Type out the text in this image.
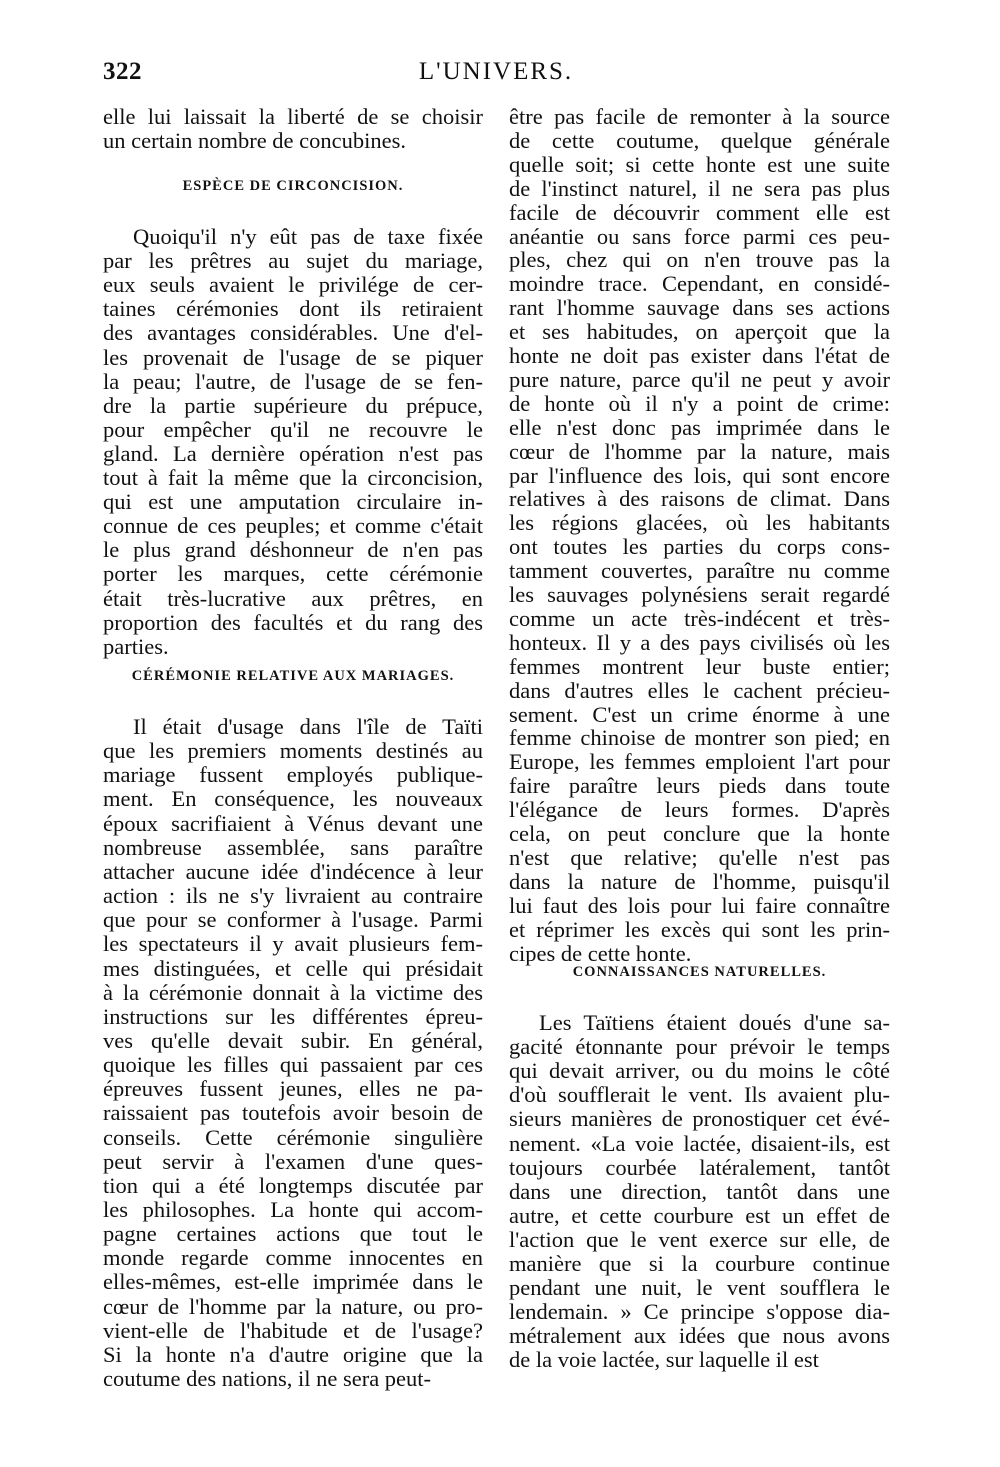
322	L'UNIVERS.
elle lui laissait la liberté de se choisir
un certain nombre de concubines.
ESPÈCE DE CIRCONCISION.
Quoiqu'il n'y eût pas de taxe fixée
par les prêtres au sujet du mariage,
eux seuls avaient le privilége de cer-
taines cérémonies dont ils retiraient
des avantages considérables. Une d'el-
les provenait de l'usage de se piquer
la peau; l'autre, de l'usage de se fen-
dre la partie supérieure du prépuce,
pour empêcher qu'il ne recouvre le
gland. La dernière opération n'est pas
tout à fait la même que la circoncision,
qui est une amputation circulaire in-
connue de ces peuples; et comme c'était
le plus grand déshonneur de n'en pas
porter les marques, cette cérémonie
était très-lucrative aux prêtres, en
proportion des facultés et du rang des
parties.
CÉRÉMONIE RELATIVE AUX MARIAGES.
Il était d'usage dans l'île de Taïti
que les premiers moments destinés au
mariage fussent employés publique-
ment. En conséquence, les nouveaux
époux sacrifiaient à Vénus devant une
nombreuse assemblée, sans paraître
attacher aucune idée d'indécence à leur
action : ils ne s'y livraient au contraire
que pour se conformer à l'usage. Parmi
les spectateurs il y avait plusieurs fem-
mes distinguées, et celle qui présidait
à la cérémonie donnait à la victime des
instructions sur les différentes épreu-
ves qu'elle devait subir. En général,
quoique les filles qui passaient par ces
épreuves fussent jeunes, elles ne pa-
raissaient pas toutefois avoir besoin de
conseils. Cette cérémonie singulière
peut servir à l'examen d'une ques-
tion qui a été longtemps discutée par
les philosophes. La honte qui accom-
pagne certaines actions que tout le
monde regarde comme innocentes en
elles-mêmes, est-elle imprimée dans le
cœur de l'homme par la nature, ou pro-
vient-elle de l'habitude et de l'usage?
Si la honte n'a d'autre origine que la
coutume des nations, il ne sera peut-
être pas facile de remonter à la source
de cette coutume, quelque générale
quelle soit; si cette honte est une suite
de l'instinct naturel, il ne sera pas plus
facile de découvrir comment elle est
anéantie ou sans force parmi ces peu-
ples, chez qui on n'en trouve pas la
moindre trace. Cependant, en considé-
rant l'homme sauvage dans ses actions
et ses habitudes, on aperçoit que la
honte ne doit pas exister dans l'état de
pure nature, parce qu'il ne peut y avoir
de honte où il n'y a point de crime:
elle n'est donc pas imprimée dans le
cœur de l'homme par la nature, mais
par l'influence des lois, qui sont encore
relatives à des raisons de climat. Dans
les régions glacées, où les habitants
ont toutes les parties du corps cons-
tamment couvertes, paraître nu comme
les sauvages polynésiens serait regardé
comme un acte très-indécent et très-
honteux. Il y a des pays civilisés où les
femmes montrent leur buste entier;
dans d'autres elles le cachent précieu-
sement. C'est un crime énorme à une
femme chinoise de montrer son pied; en
Europe, les femmes emploient l'art pour
faire paraître leurs pieds dans toute
l'élégance de leurs formes. D'après
cela, on peut conclure que la honte
n'est que relative; qu'elle n'est pas
dans la nature de l'homme, puisqu'il
lui faut des lois pour lui faire connaître
et réprimer les excès qui sont les prin-
cipes de cette honte.
CONNAISSANCES NATURELLES.
Les Taïtiens étaient doués d'une sa-
gacité étonnante pour prévoir le temps
qui devait arriver, ou du moins le côté
d'où soufflerait le vent. Ils avaient plu-
sieurs manières de pronostiquer cet évé-
nement. «La voie lactée, disaient-ils, est
toujours courbée latéralement, tantôt
dans une direction, tantôt dans une
autre, et cette courbure est un effet de
l'action que le vent exerce sur elle, de
manière que si la courbure continue
pendant une nuit, le vent soufflera le
lendemain. » Ce principe s'oppose dia-
métralement aux idées que nous avons
de la voie lactée, sur laquelle il est
